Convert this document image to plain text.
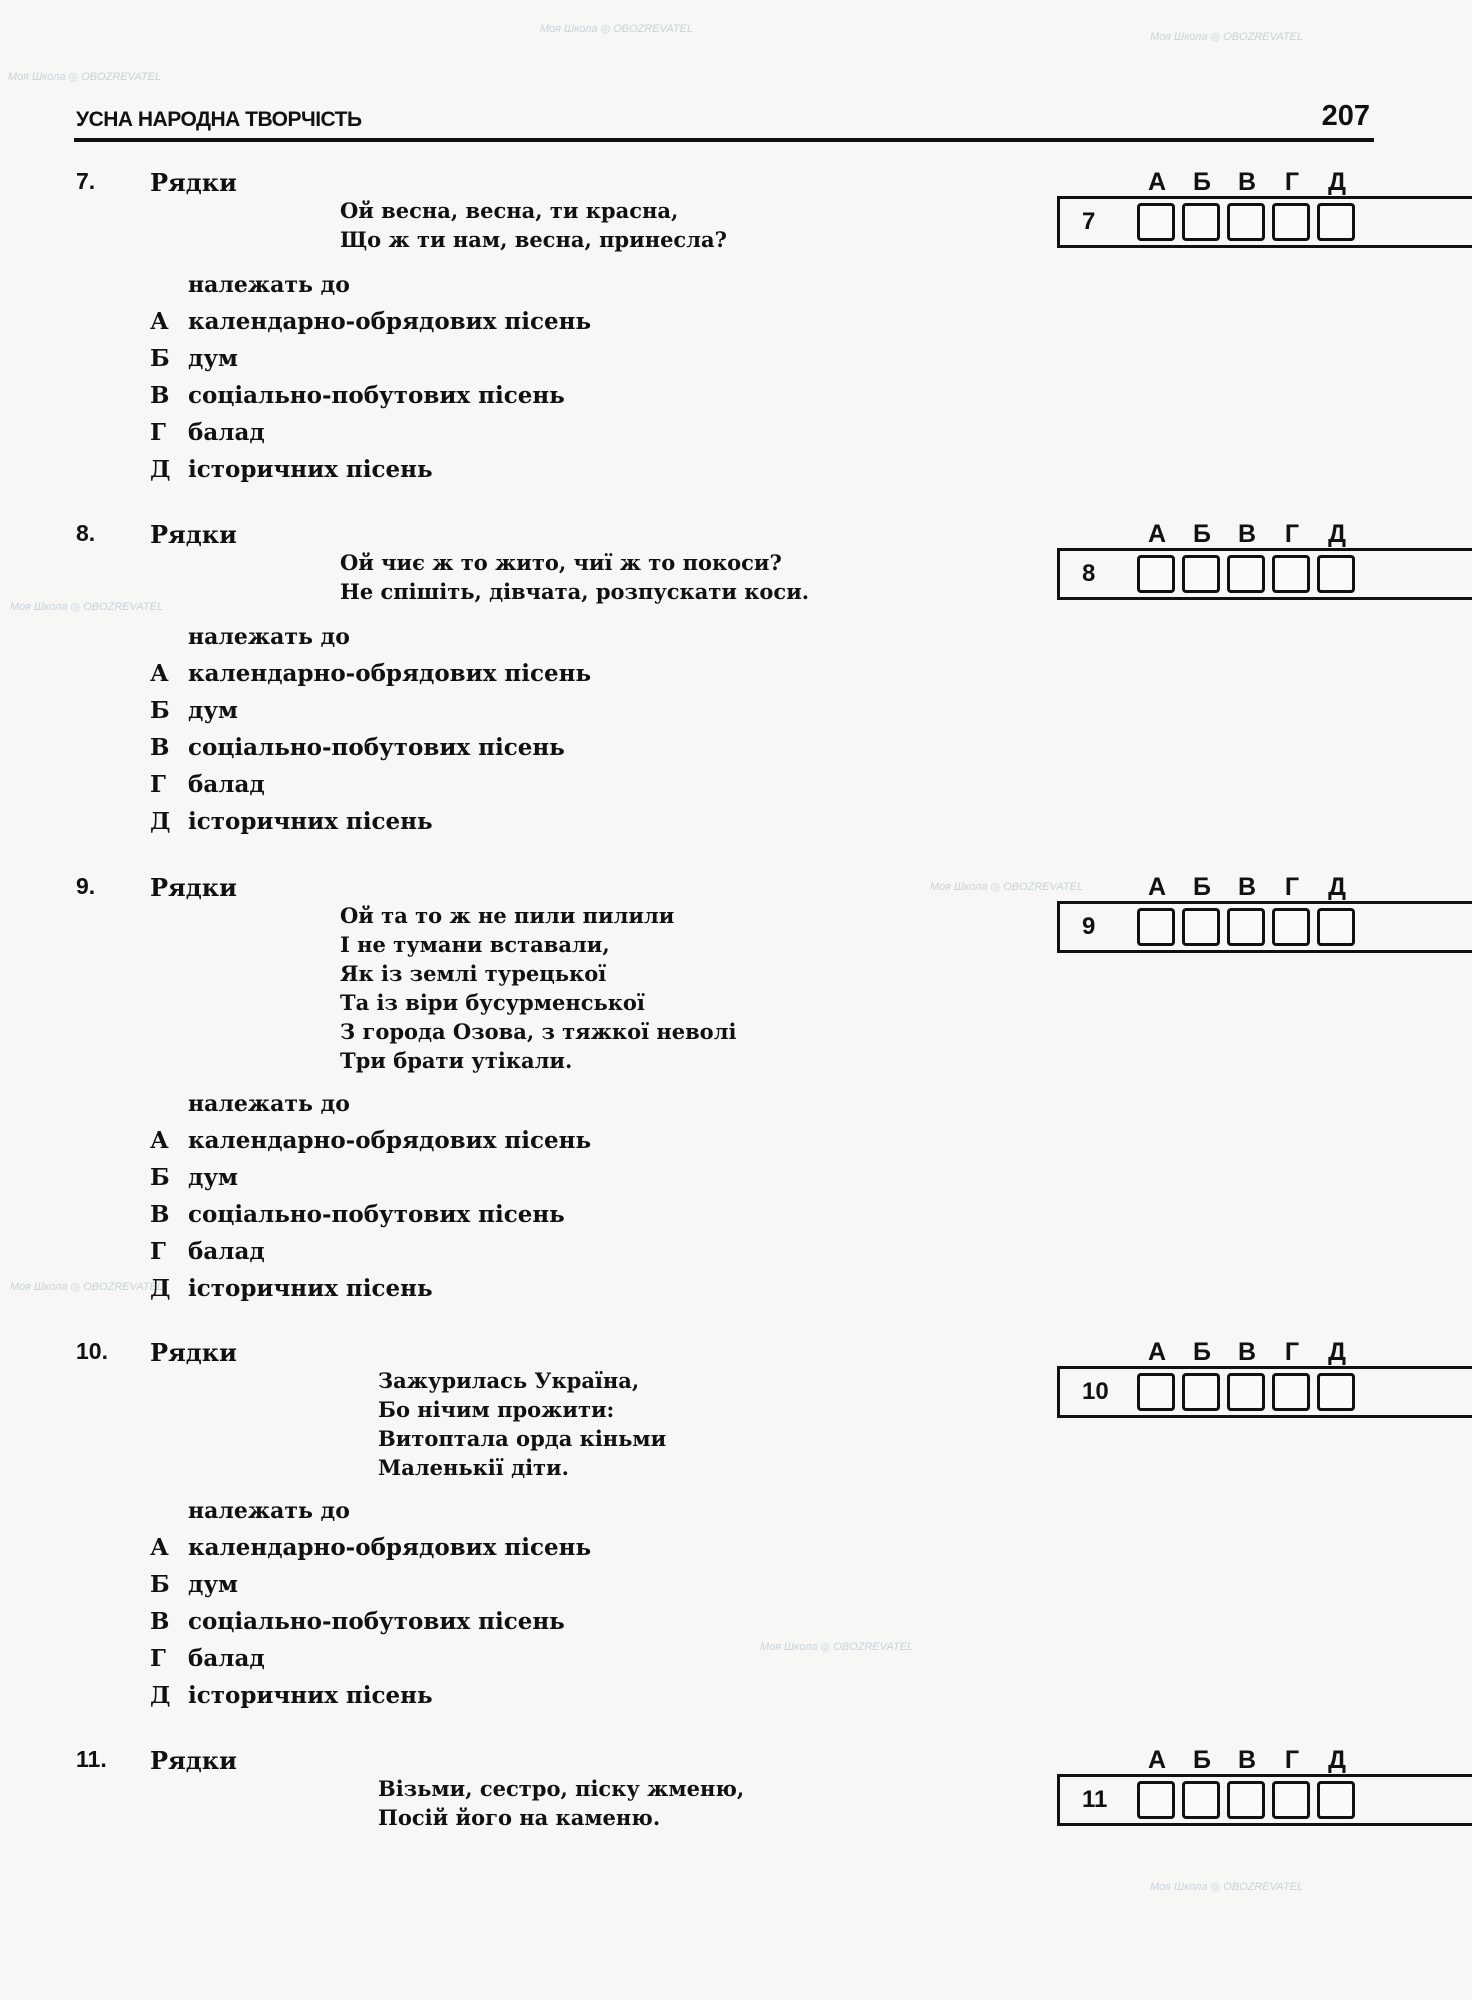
Моя Школа ◎ OBOZREVATEL
Моя Школа ◎ OBOZREVATEL
Моя Школа ◎ OBOZREVATEL
Моя Школа ◎ OBOZREVATEL
Моя Школа ◎ OBOZREVATEL
Моя Школа ◎ OBOZREVATEL
Моя Школа ◎ OBOZREVATEL
Моя Школа ◎ OBOZREVATEL
УСНА НАРОДНА ТВОРЧІСТЬ	207
7. Рядки
Ой весна, весна, ти красна,
Що ж ти нам, весна, принесла?
належать до
А календарно-обрядових пісень
Б дум
В соціально-побутових пісень
Г балад
Д історичних пісень
А	Б	В	Г	Д
7
8. Рядки
Ой чиє ж то жито, чиї ж то покоси?
Не спішіть, дівчата, розпускати коси.
належать до
А календарно-обрядових пісень
Б дум
В соціально-побутових пісень
Г балад
Д історичних пісень
А	Б	В	Г	Д
8
9. Рядки
Ой та то ж не пили пилили
І не тумани вставали,
Як із землі турецької
Та із віри бусурменської
З города Озова, з тяжкої неволі
Три брати утікали.
належать до
А календарно-обрядових пісень
Б дум
В соціально-побутових пісень
Г балад
Д історичних пісень
А	Б	В	Г	Д
9
10. Рядки
Зажурилась Україна,
Бо нічим прожити:
Витоптала орда кіньми
Маленькії діти.
належать до
А календарно-обрядових пісень
Б дум
В соціально-побутових пісень
Г балад
Д історичних пісень
А	Б	В	Г	Д
10
11. Рядки
Візьми, сестро, піску жменю,
Посій його на каменю.
А	Б	В	Г	Д
11
